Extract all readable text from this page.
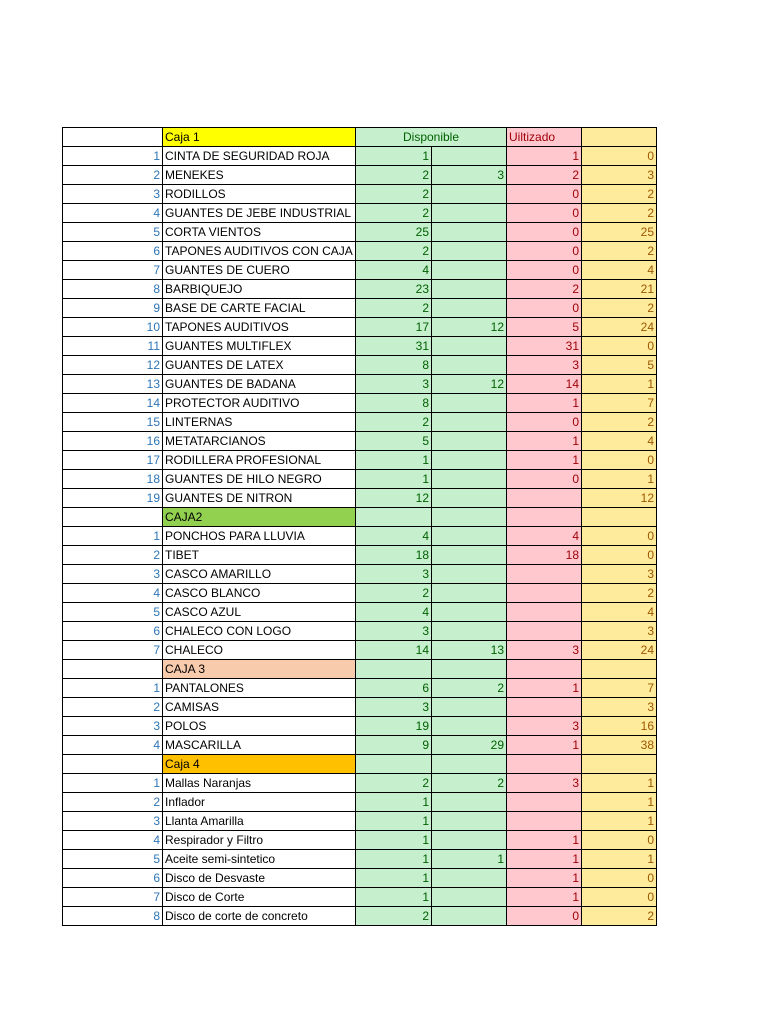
	Caja 1	Disponible		Uiltizado	
1	CINTA DE SEGURIDAD ROJA	1		1	0
2	MENEKES	2	3	2	3
3	RODILLOS	2		0	2
4	GUANTES DE JEBE INDUSTRIAL	2		0	2
5	CORTA VIENTOS	25		0	25
6	TAPONES AUDITIVOS CON CAJA	2		0	2
7	GUANTES DE CUERO	4		0	4
8	BARBIQUEJO	23		2	21
9	BASE DE CARTE FACIAL	2		0	2
10	TAPONES AUDITIVOS	17	12	5	24
11	GUANTES MULTIFLEX	31		31	0
12	GUANTES DE LATEX	8		3	5
13	GUANTES DE BADANA	3	12	14	1
14	PROTECTOR AUDITIVO	8		1	7
15	LINTERNAS	2		0	2
16	METATARCIANOS	5		1	4
17	RODILLERA PROFESIONAL	1		1	0
18	GUANTES DE HILO NEGRO	1		0	1
19	GUANTES DE NITRON	12			12
	CAJA2				
1	PONCHOS PARA LLUVIA	4		4	0
2	TIBET	18		18	0
3	CASCO AMARILLO	3			3
4	CASCO BLANCO	2			2
5	CASCO AZUL	4			4
6	CHALECO CON LOGO	3			3
7	CHALECO	14	13	3	24
	CAJA 3				
1	PANTALONES	6	2	1	7
2	CAMISAS	3			3
3	POLOS	19		3	16
4	MASCARILLA	9	29	1	38
	Caja 4				
1	Mallas Naranjas	2	2	3	1
2	Inflador	1			1
3	Llanta Amarilla	1			1
4	Respirador y Filtro	1		1	0
5	Aceite semi-sintetico	1	1	1	1
6	Disco de Desvaste	1		1	0
7	Disco de Corte	1		1	0
8	Disco de corte de concreto	2		0	2
